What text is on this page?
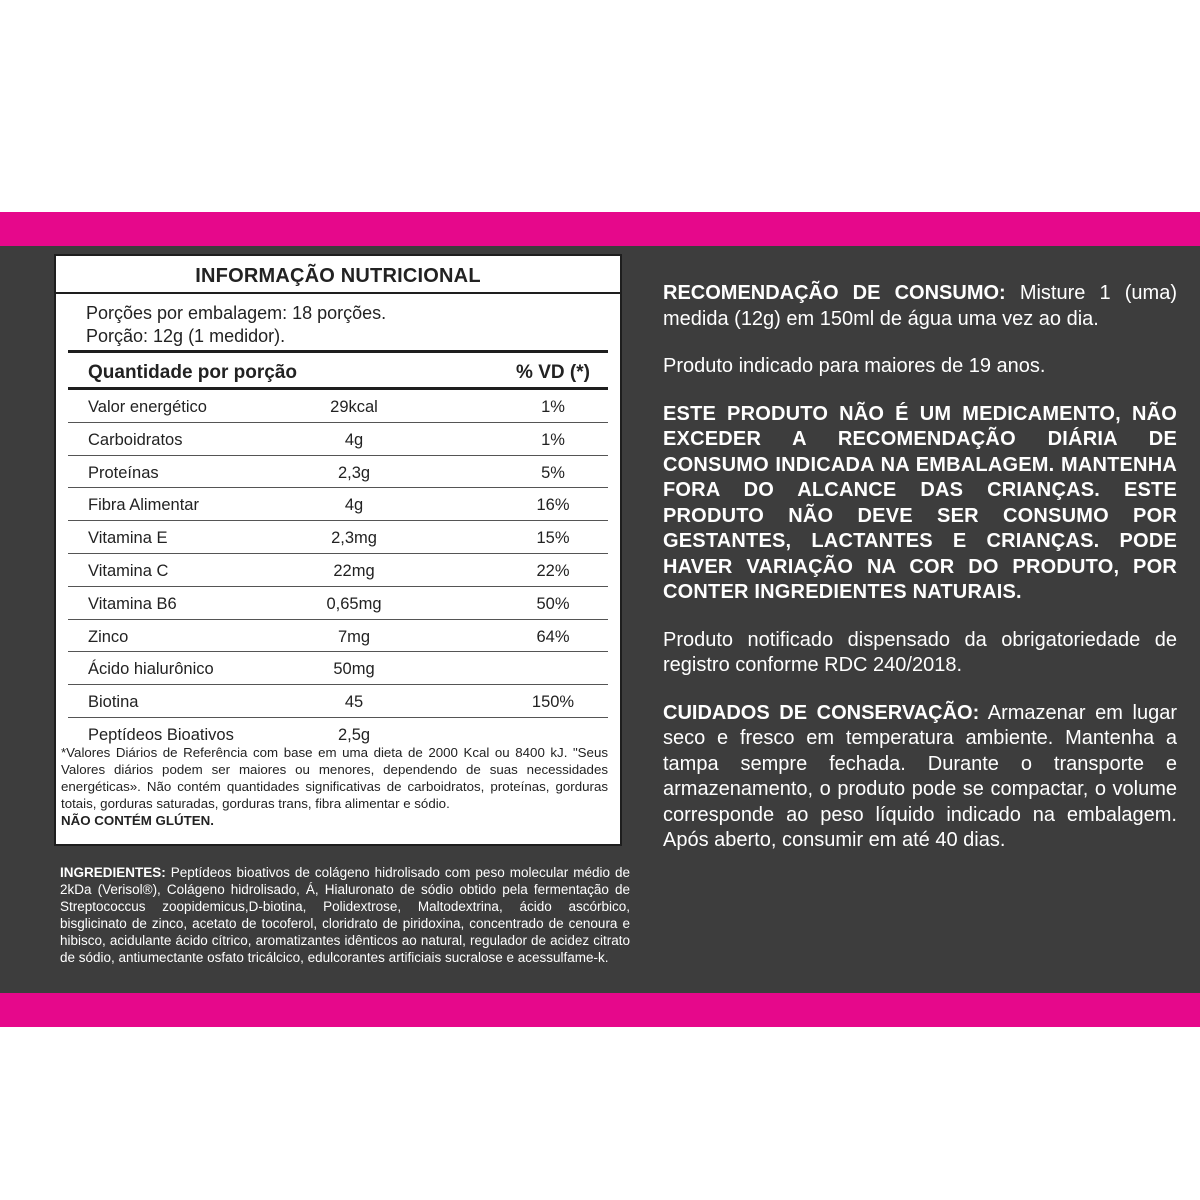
INFORMAÇÃO NUTRICIONAL
Porções por embalagem: 18 porções.
Porção: 12g (1 medidor).
Quantidade por porção	% VD (*)
Valor energético	29kcal	1%
Carboidratos	4g	1%
Proteínas	2,3g	5%
Fibra Alimentar	4g	16%
Vitamina E	2,3mg	15%
Vitamina C	22mg	22%
Vitamina B6	0,65mg	50%
Zinco	7mg	64%
Ácido hialurônico	50mg
Biotina	45	150%
Peptídeos Bioativos	2,5g
*Valores Diários de Referência com base em uma dieta de 2000 Kcal ou 8400 kJ. "Seus Valores diários podem ser maiores ou menores, dependendo de suas necessidades energéticas». Não contém quantidades significativas de carboidratos, proteínas, gorduras totais, gorduras saturadas, gorduras trans, fibra alimentar e sódio.
NÃO CONTÉM GLÚTEN.
INGREDIENTES: Peptídeos bioativos de colágeno hidrolisado com peso molecular médio de 2kDa (Verisol®), Colágeno hidrolisado, Á, Hialuronato de sódio obtido pela fermentação de Streptococcus zoopidemicus,D-biotina, Polidextrose, Maltodextrina, ácido ascórbico, bisglicinato de zinco, acetato de tocoferol, cloridrato de piridoxina, concentrado de cenoura e hibisco, acidulante ácido cítrico, aromatizantes idênticos ao natural, regulador de acidez citrato de sódio, antiumectante osfato tricálcico, edulcorantes artificiais sucralose e acessulfame-k.

RECOMENDAÇÃO DE CONSUMO: Misture 1 (uma) medida (12g) em 150ml de água uma vez ao dia.

Produto indicado para maiores de 19 anos.

ESTE PRODUTO NÃO É UM MEDICAMENTO, NÃO EXCEDER A RECOMENDAÇÃO DIÁRIA DE CONSUMO INDICADA NA EMBALAGEM. MANTENHA FORA DO ALCANCE DAS CRIANÇAS. ESTE PRODUTO NÃO DEVE SER CONSUMO POR GESTANTES, LACTANTES E CRIANÇAS. PODE HAVER VARIAÇÃO NA COR DO PRODUTO, POR CONTER INGREDIENTES NATURAIS.

Produto notificado dispensado da obrigatoriedade de registro conforme RDC 240/2018.

CUIDADOS DE CONSERVAÇÃO: Armazenar em lugar seco e fresco em temperatura ambiente. Mantenha a tampa sempre fechada. Durante o transporte e armazenamento, o produto pode se compactar, o volume corresponde ao peso líquido indicado na embalagem. Após aberto, consumir em até 40 dias.
